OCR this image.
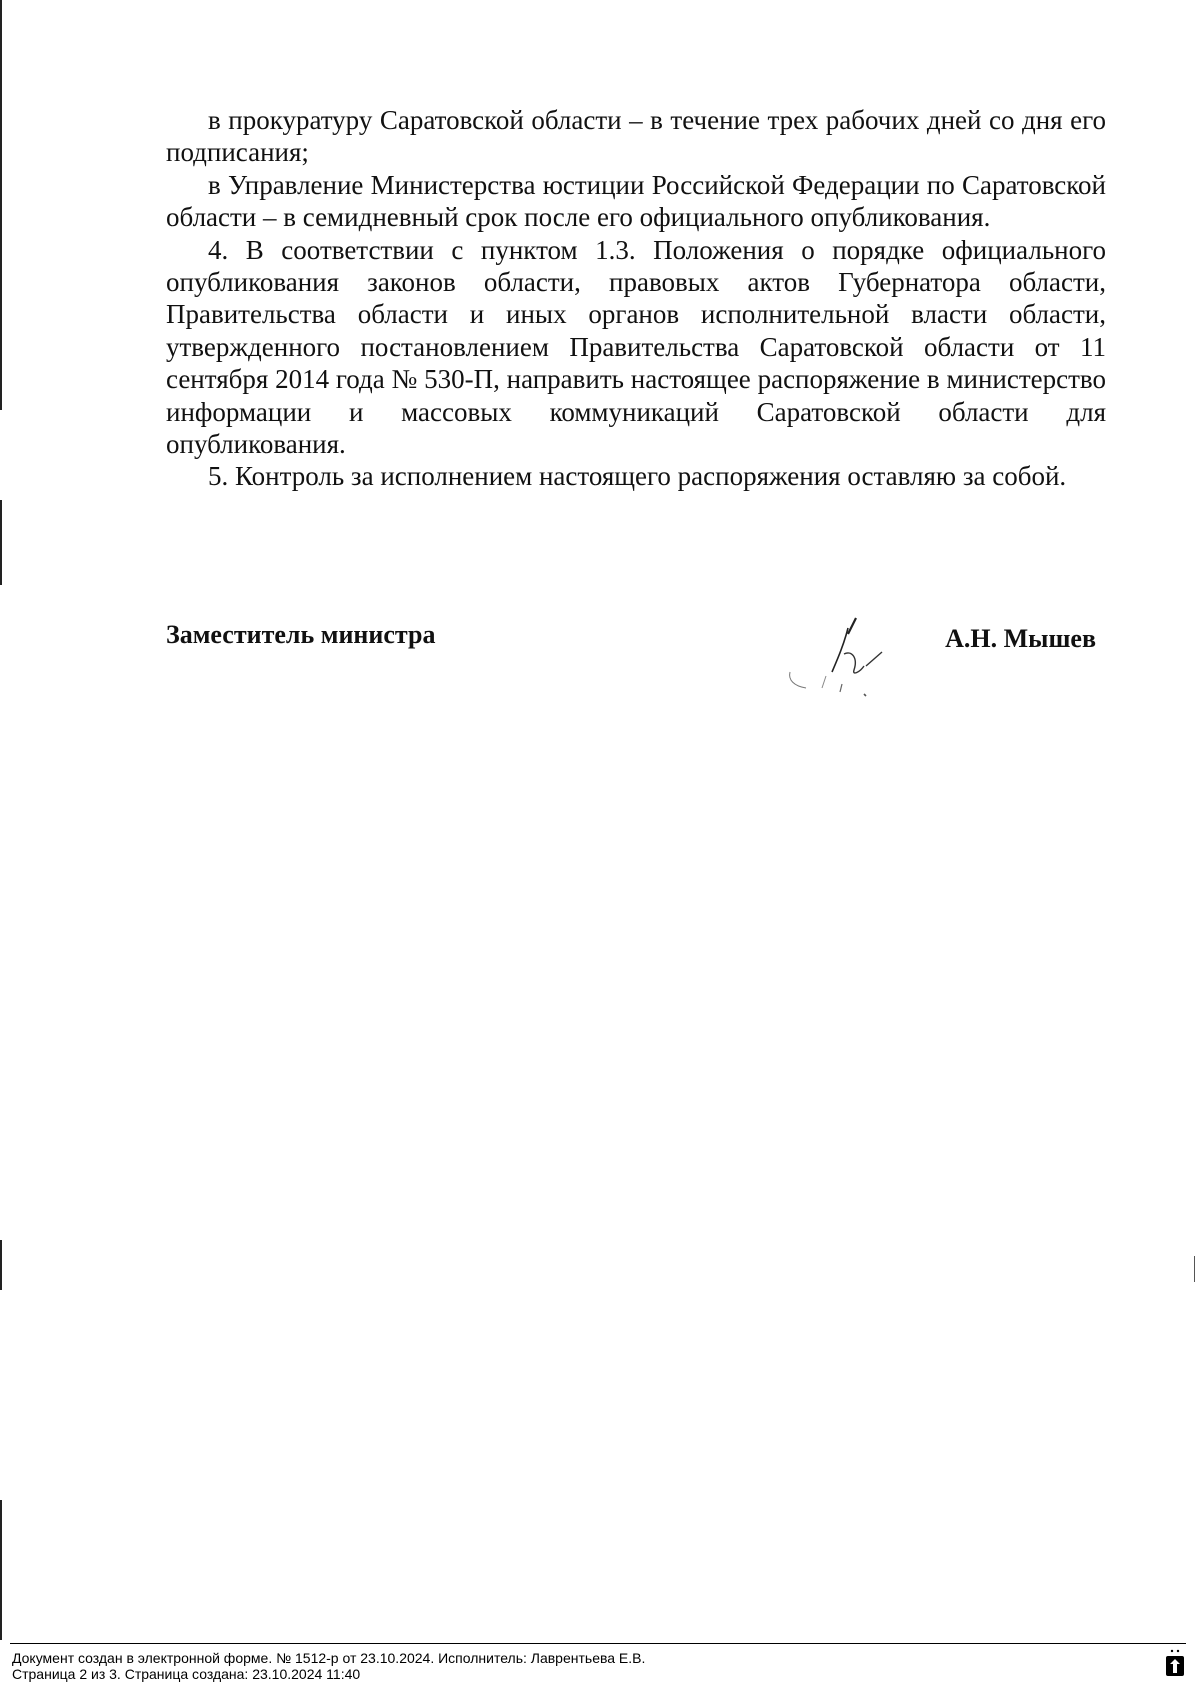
в прокуратуру Саратовской области – в течение трех рабочих дней со дня его подписания;

в Управление Министерства юстиции Российской Федерации по Саратовской области – в семидневный срок после его официального опубликования.

4. В соответствии с пунктом 1.3. Положения о порядке официального опубликования законов области, правовых актов Губернатора области, Правительства области и иных органов исполнительной власти области, утвержденного постановлением Правительства Саратовской области от 11 сентября 2014 года № 530-П, направить настоящее распоряжение в министерство информации и массовых коммуникаций Саратовской области для опубликования.

5. Контроль за исполнением настоящего распоряжения оставляю за собой.

Заместитель министра	А.Н. Мышев
Документ создан в электронной форме. № 1512-р от 23.10.2024. Исполнитель: Лаврентьева Е.В.
Страница 2 из 3. Страница создана: 23.10.2024 11:40
